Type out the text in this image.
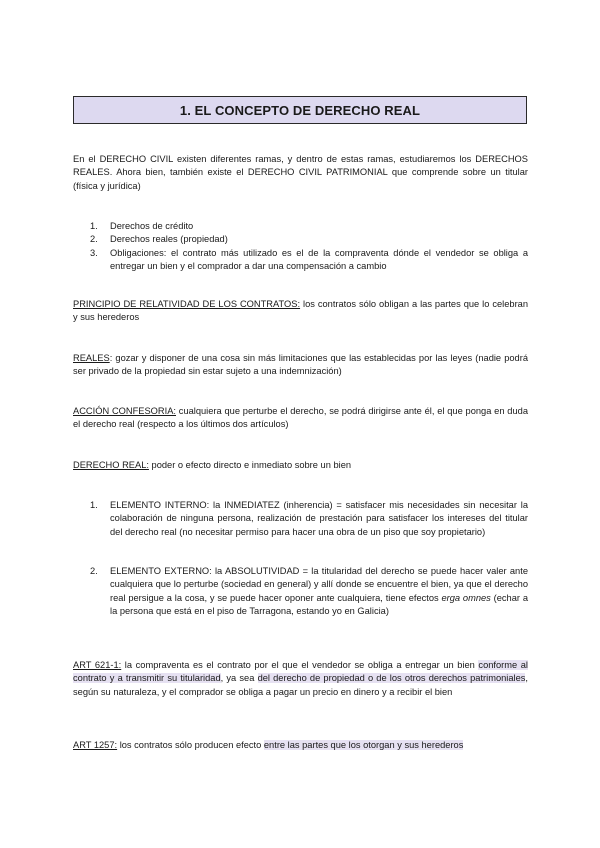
1. EL CONCEPTO DE DERECHO REAL
En el DERECHO CIVIL existen diferentes ramas, y dentro de estas ramas, estudiaremos los DERECHOS REALES. Ahora bien, también existe el DERECHO CIVIL PATRIMONIAL que comprende sobre un titular (física y jurídica)
1.	Derechos de crédito
2.	Derechos reales (propiedad)
3.	Obligaciones: el contrato más utilizado es el de la compraventa dónde el vendedor se obliga a entregar un bien y el comprador a dar una compensación a cambio
PRINCIPIO DE RELATIVIDAD DE LOS CONTRATOS: los contratos sólo obligan a las partes que lo celebran y sus herederos
REALES: gozar y disponer de una cosa sin más limitaciones que las establecidas por las leyes (nadie podrá ser privado de la propiedad sin estar sujeto a una indemnización)
ACCIÓN CONFESORIA: cualquiera que perturbe el derecho, se podrá dirigirse ante él, el que ponga en duda el derecho real (respecto a los últimos dos artículos)
DERECHO REAL: poder o efecto directo e inmediato sobre un bien
1.	ELEMENTO INTERNO: la INMEDIATEZ (inherencia) = satisfacer mis necesidades sin necesitar la colaboración de ninguna persona, realización de prestación para satisfacer los intereses del titular del derecho real (no necesitar permiso para hacer una obra de un piso que soy propietario)
2.	ELEMENTO EXTERNO: la ABSOLUTIVIDAD = la titularidad del derecho se puede hacer valer ante cualquiera que lo perturbe (sociedad en general) y allí donde se encuentre el bien, ya que el derecho real persigue a la cosa, y se puede hacer oponer ante cualquiera, tiene efectos erga omnes (echar a la persona que está en el piso de Tarragona, estando yo en Galicia)
ART 621-1: la compraventa es el contrato por el que el vendedor se obliga a entregar un bien conforme al contrato y a transmitir su titularidad, ya sea del derecho de propiedad o de los otros derechos patrimoniales, según su naturaleza, y el comprador se obliga a pagar un precio en dinero y a recibir el bien
ART 1257: los contratos sólo producen efecto entre las partes que los otorgan y sus herederos
